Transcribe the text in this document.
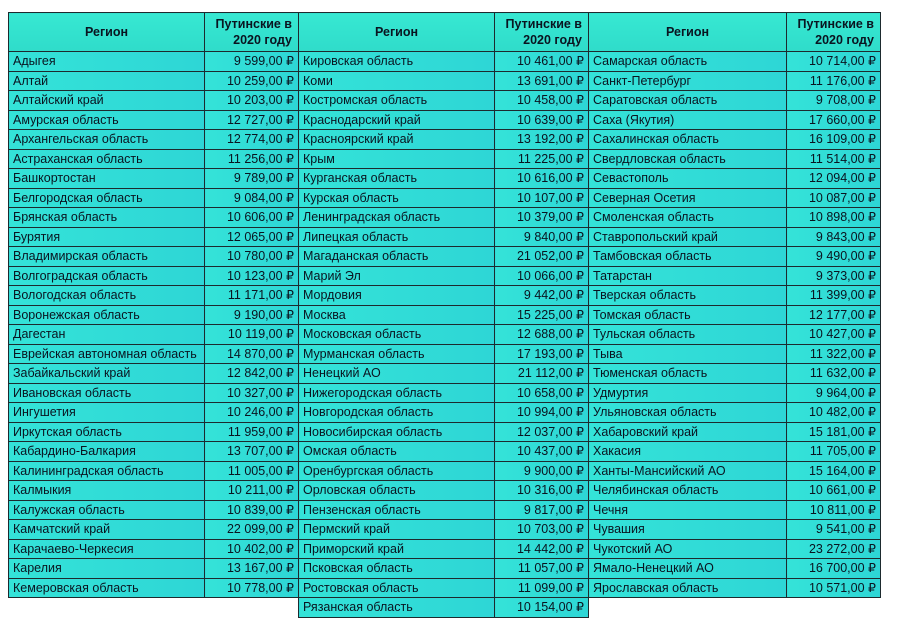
Регион	Путинские в
2020 году
Адыгея	9 599,00 ₽
Алтай	10 259,00 ₽
Алтайский край	10 203,00 ₽
Амурская область	12 727,00 ₽
Архангельская область	12 774,00 ₽
Астраханская область	11 256,00 ₽
Башкортостан	9 789,00 ₽
Белгородская область	9 084,00 ₽
Брянская область	10 606,00 ₽
Бурятия	12 065,00 ₽
Владимирская область	10 780,00 ₽
Волгоградская область	10 123,00 ₽
Вологодская область	11 171,00 ₽
Воронежская область	9 190,00 ₽
Дагестан	10 119,00 ₽
Еврейская автономная область	14 870,00 ₽
Забайкальский край	12 842,00 ₽
Ивановская область	10 327,00 ₽
Ингушетия	10 246,00 ₽
Иркутская область	11 959,00 ₽
Кабардино-Балкария	13 707,00 ₽
Калининградская область	11 005,00 ₽
Калмыкия	10 211,00 ₽
Калужская область	10 839,00 ₽
Камчатский край	22 099,00 ₽
Карачаево-Черкесия	10 402,00 ₽
Карелия	13 167,00 ₽
Кемеровская область	10 778,00 ₽
Регион	Путинские в
2020 году
Кировская область	10 461,00 ₽
Коми	13 691,00 ₽
Костромская область	10 458,00 ₽
Краснодарский край	10 639,00 ₽
Красноярский край	13 192,00 ₽
Крым	11 225,00 ₽
Курганская область	10 616,00 ₽
Курская область	10 107,00 ₽
Ленинградская область	10 379,00 ₽
Липецкая область	9 840,00 ₽
Магаданская область	21 052,00 ₽
Марий Эл	10 066,00 ₽
Мордовия	9 442,00 ₽
Москва	15 225,00 ₽
Московская область	12 688,00 ₽
Мурманская область	17 193,00 ₽
Ненецкий АО	21 112,00 ₽
Нижегородская область	10 658,00 ₽
Новгородская область	10 994,00 ₽
Новосибирская область	12 037,00 ₽
Омская область	10 437,00 ₽
Оренбургская область	9 900,00 ₽
Орловская область	10 316,00 ₽
Пензенская область	9 817,00 ₽
Пермский край	10 703,00 ₽
Приморский край	14 442,00 ₽
Псковская область	11 057,00 ₽
Ростовская область	11 099,00 ₽
Рязанская область	10 154,00 ₽
Регион	Путинские в
2020 году
Самарская область	10 714,00 ₽
Санкт-Петербург	11 176,00 ₽
Саратовская область	9 708,00 ₽
Саха (Якутия)	17 660,00 ₽
Сахалинская область	16 109,00 ₽
Свердловская область	11 514,00 ₽
Севастополь	12 094,00 ₽
Северная Осетия	10 087,00 ₽
Смоленская область	10 898,00 ₽
Ставропольский край	9 843,00 ₽
Тамбовская область	9 490,00 ₽
Татарстан	9 373,00 ₽
Тверская область	11 399,00 ₽
Томская область	12 177,00 ₽
Тульская область	10 427,00 ₽
Тыва	11 322,00 ₽
Тюменская область	11 632,00 ₽
Удмуртия	9 964,00 ₽
Ульяновская область	10 482,00 ₽
Хабаровский край	15 181,00 ₽
Хакасия	11 705,00 ₽
Ханты-Мансийский АО	15 164,00 ₽
Челябинская область	10 661,00 ₽
Чечня	10 811,00 ₽
Чувашия	9 541,00 ₽
Чукотский АО	23 272,00 ₽
Ямало-Ненецкий АО	16 700,00 ₽
Ярославская область	10 571,00 ₽
